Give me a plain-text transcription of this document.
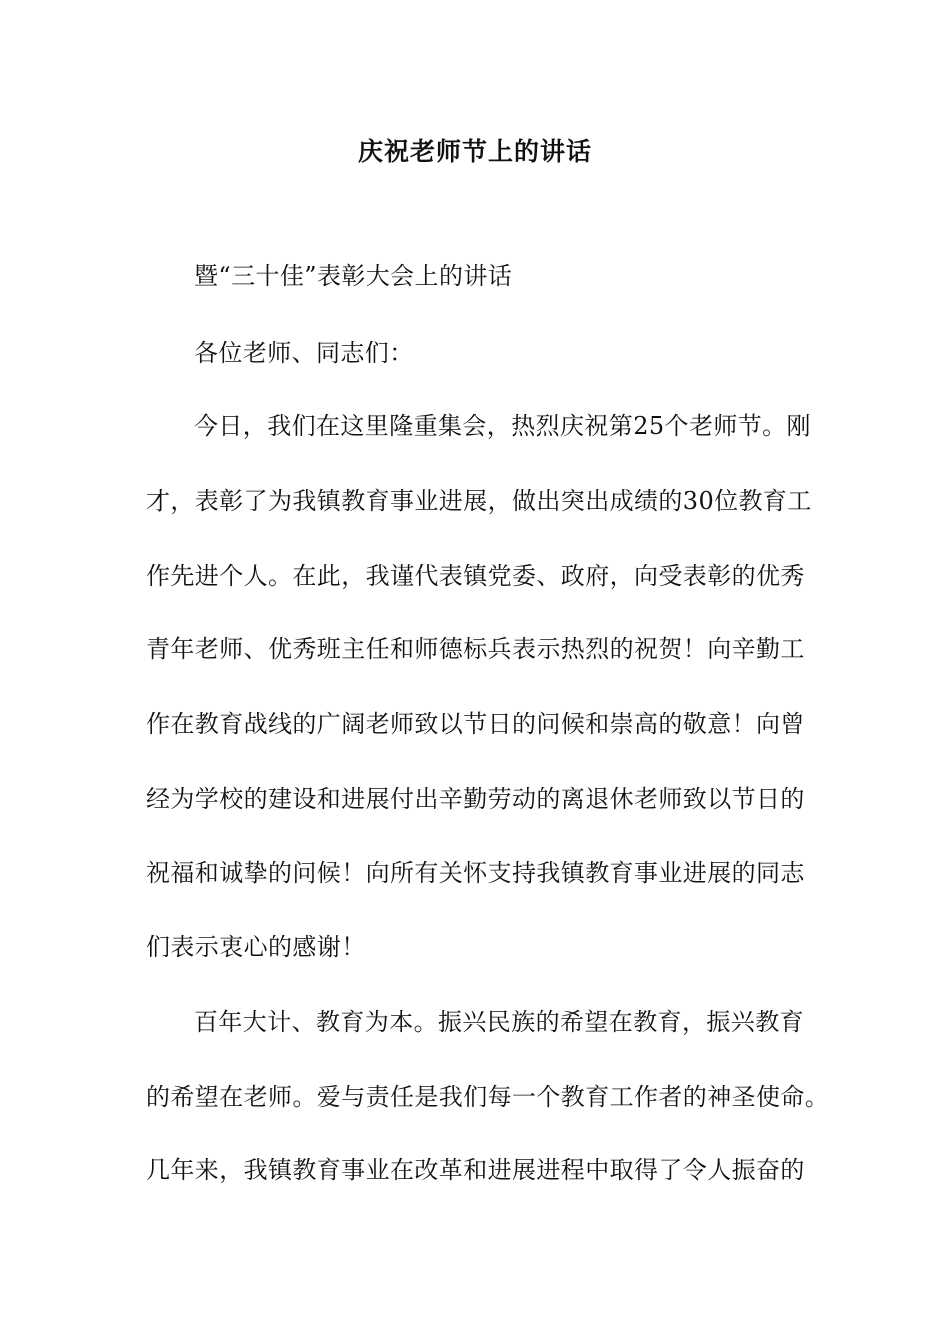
庆祝老师节上的讲话

暨“三十佳”表彰大会上的讲话

各位老师、同志们：

今日，我们在这里隆重集会，热烈庆祝第25个老师节。刚

才，表彰了为我镇教育事业进展，做出突出成绩的30位教育工

作先进个人。在此，我谨代表镇党委、政府，向受表彰的优秀

青年老师、优秀班主任和师德标兵表示热烈的祝贺！向辛勤工

作在教育战线的广阔老师致以节日的问候和崇高的敬意！向曾

经为学校的建设和进展付出辛勤劳动的离退休老师致以节日的

祝福和诚挚的问候！向所有关怀支持我镇教育事业进展的同志

们表示衷心的感谢！

百年大计、教育为本。振兴民族的希望在教育，振兴教育

的希望在老师。爱与责任是我们每一个教育工作者的神圣使命。

几年来，我镇教育事业在改革和进展进程中取得了令人振奋的
